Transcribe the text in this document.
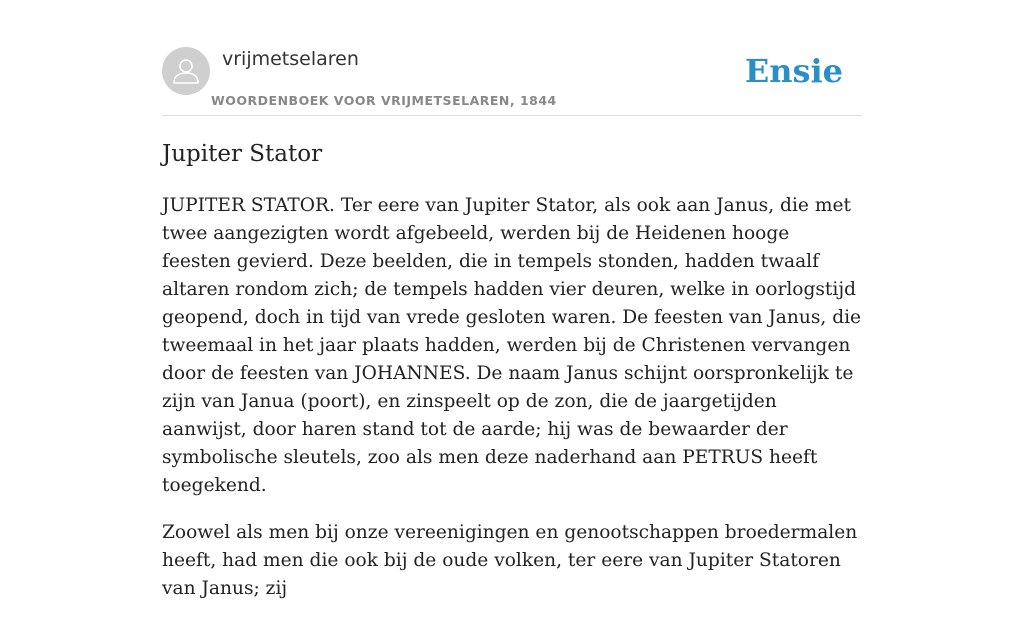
vrijmetselaren
WOORDENBOEK VOOR VRIJMETSELAREN, 1844
Ensie
Jupiter Stator

JUPITER STATOR. Ter eere van Jupiter Stator, als ook aan Janus, die met twee aangezigten wordt afgebeeld, werden bij de Heidenen hooge feesten gevierd. Deze beelden, die in tempels stonden, hadden twaalf altaren rondom zich; de tempels hadden vier deuren, welke in oorlogstijd geopend, doch in tijd van vrede gesloten waren. De feesten van Janus, die tweemaal in het jaar plaats hadden, werden bij de Christenen vervangen door de feesten van JOHANNES. De naam Janus schijnt oorspronkelijk te zijn van Janua (poort), en zinspeelt op de zon, die de jaargetijden aanwijst, door haren stand tot de aarde; hij was de bewaarder der symbolische sleutels, zoo als men deze naderhand aan PETRUS heeft toegekend.

Zoowel als men bij onze vereenigingen en genootschappen broedermalen heeft, had men die ook bij de oude volken, ter eere van Jupiter Statoren van Janus; zij
